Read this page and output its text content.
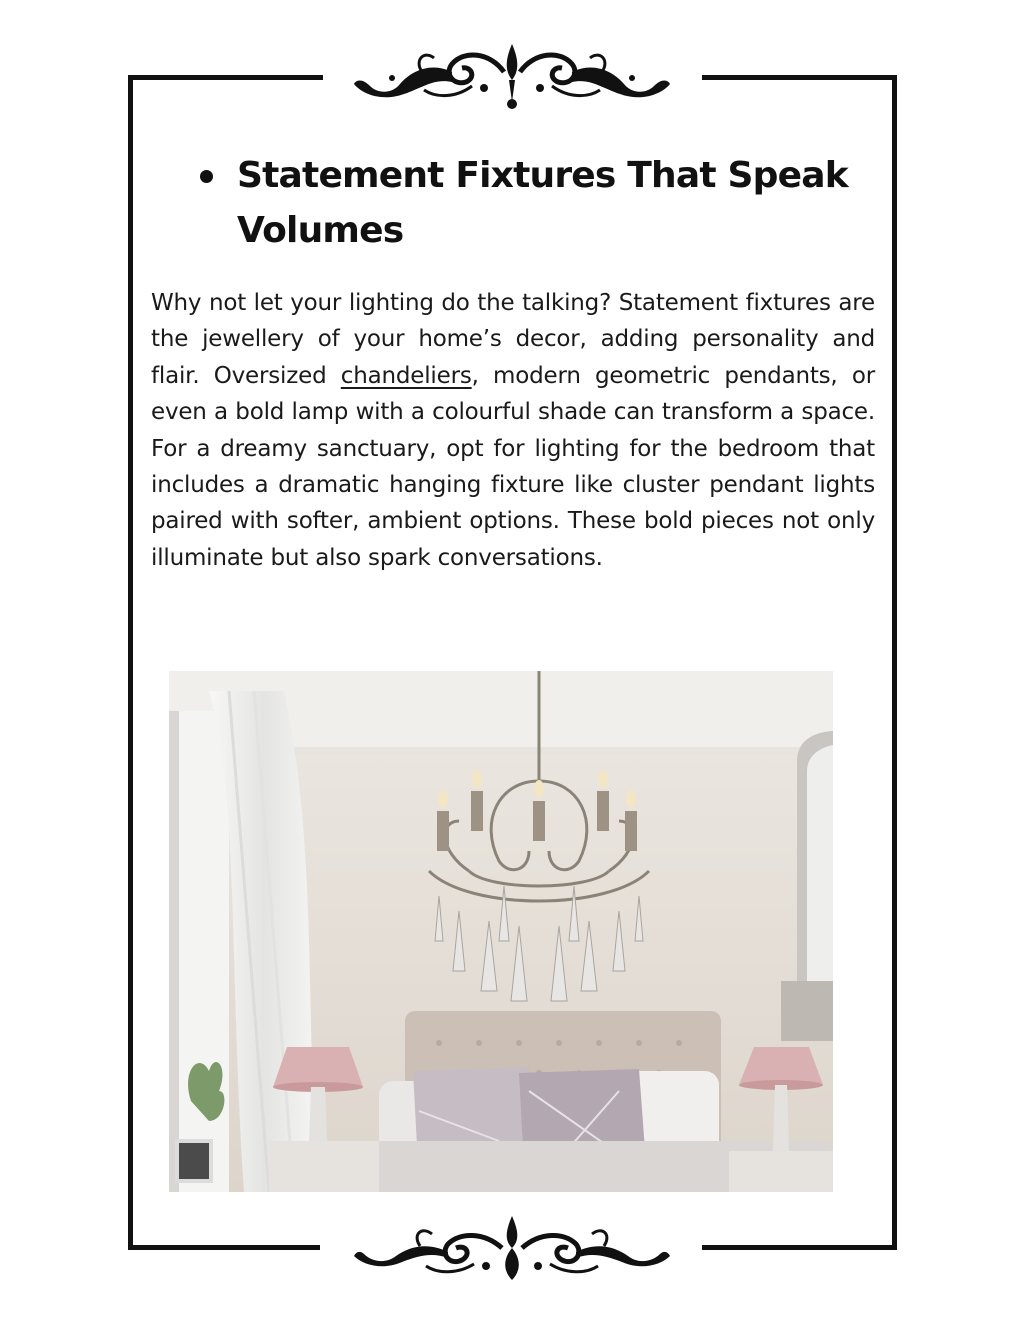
Statement Fixtures That Speak Volumes

Why not let your lighting do the talking? Statement fixtures are the jewellery of your home’s decor, adding personality and flair. Oversized chandeliers, modern geometric pendants, or even a bold lamp with a colourful shade can transform a space. For a dreamy sanctuary, opt for lighting for the bedroom that includes a dramatic hanging fixture like cluster pendant lights paired with softer, ambient options. These bold pieces not only illuminate but also spark conversations.
